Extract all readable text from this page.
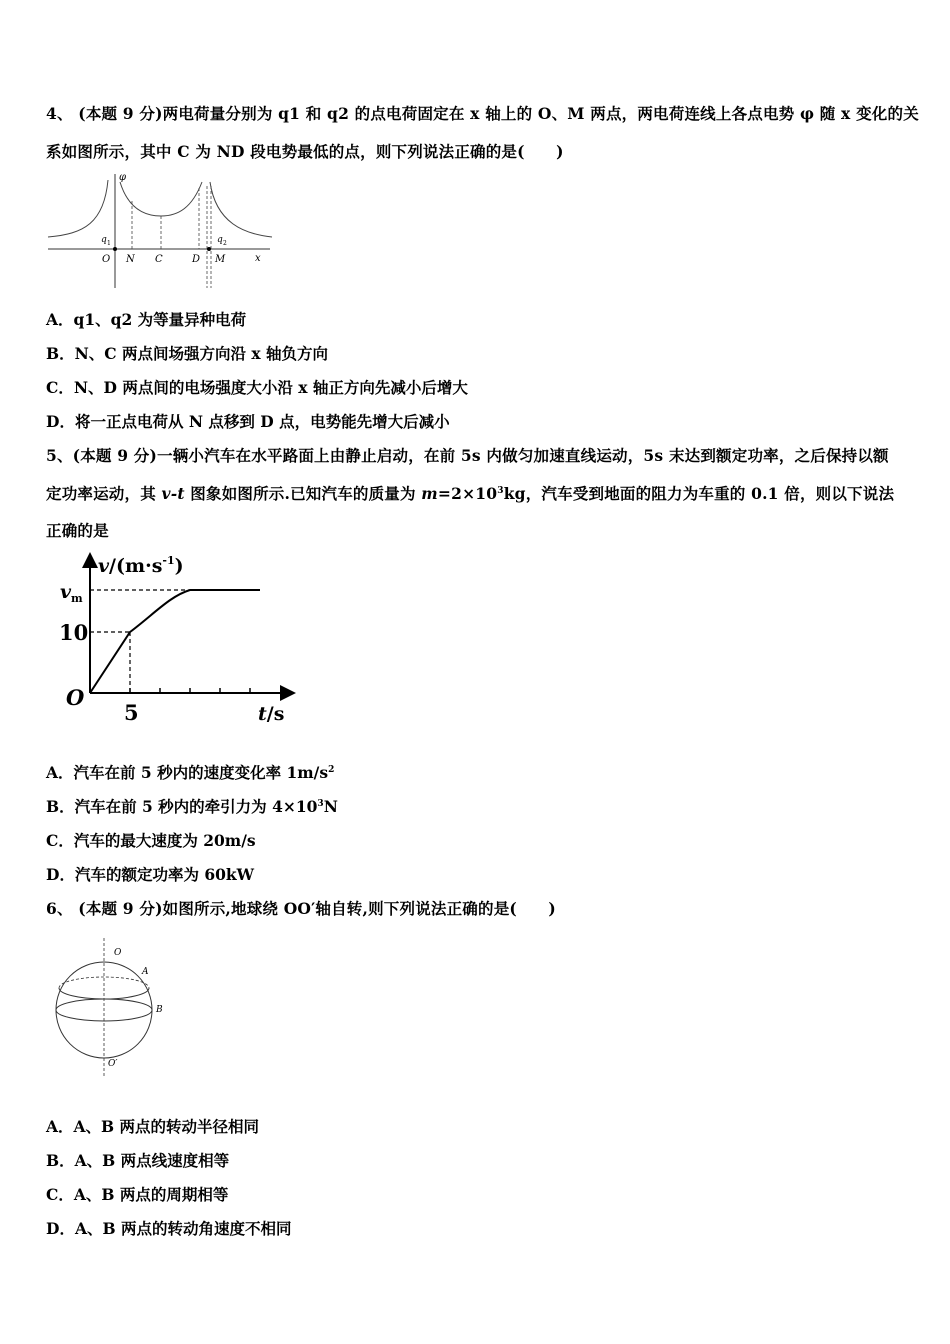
4、 (本题 9 分)两电荷量分别为 q1 和 q2 的点电荷固定在 x 轴上的 O、M 两点，两电荷连线上各点电势 φ 随 x 变化的关
系如图所示，其中 C 为 ND 段电势最低的点，则下列说法正确的是(　　)
φ
x
q 1	q 2
O N C	D M
A．q1、q2 为等量异种电荷
B．N、C 两点间场强方向沿 x 轴负方向
C．N、D 两点间的电场强度大小沿 x 轴正方向先减小后增大
D．将一正点电荷从 N 点移到 D 点，电势能先增大后减小
5、(本题 9 分)一辆小汽车在水平路面上由静止启动，在前 5s 内做匀加速直线运动，5s 末达到额定功率，之后保持以额
定功率运动，其 v-t 图象如图所示.已知汽车的质量为 $m=2\times 10^3kg$，汽车受到地面的阻力为车重的 0.1 倍，则以下说法
正确的是
$v/(m\cdot s^{-1})$
$v_m$
10
O
5	t/s
A．汽车在前 5 秒内的速度变化率 $1m/s^2$
B．汽车在前 5 秒内的牵引力为 $4\times 10^3N$
C．汽车的最大速度为 20m/s
D．汽车的额定功率为 60kW
6、 (本题 9 分)如图所示,地球绕 OO′轴自转,则下列说法正确的是(　　)
O
A
B
O′
A．A、B 两点的转动半径相同
B．A、B 两点线速度相等
C．A、B 两点的周期相等
D．A、B 两点的转动角速度不相同
